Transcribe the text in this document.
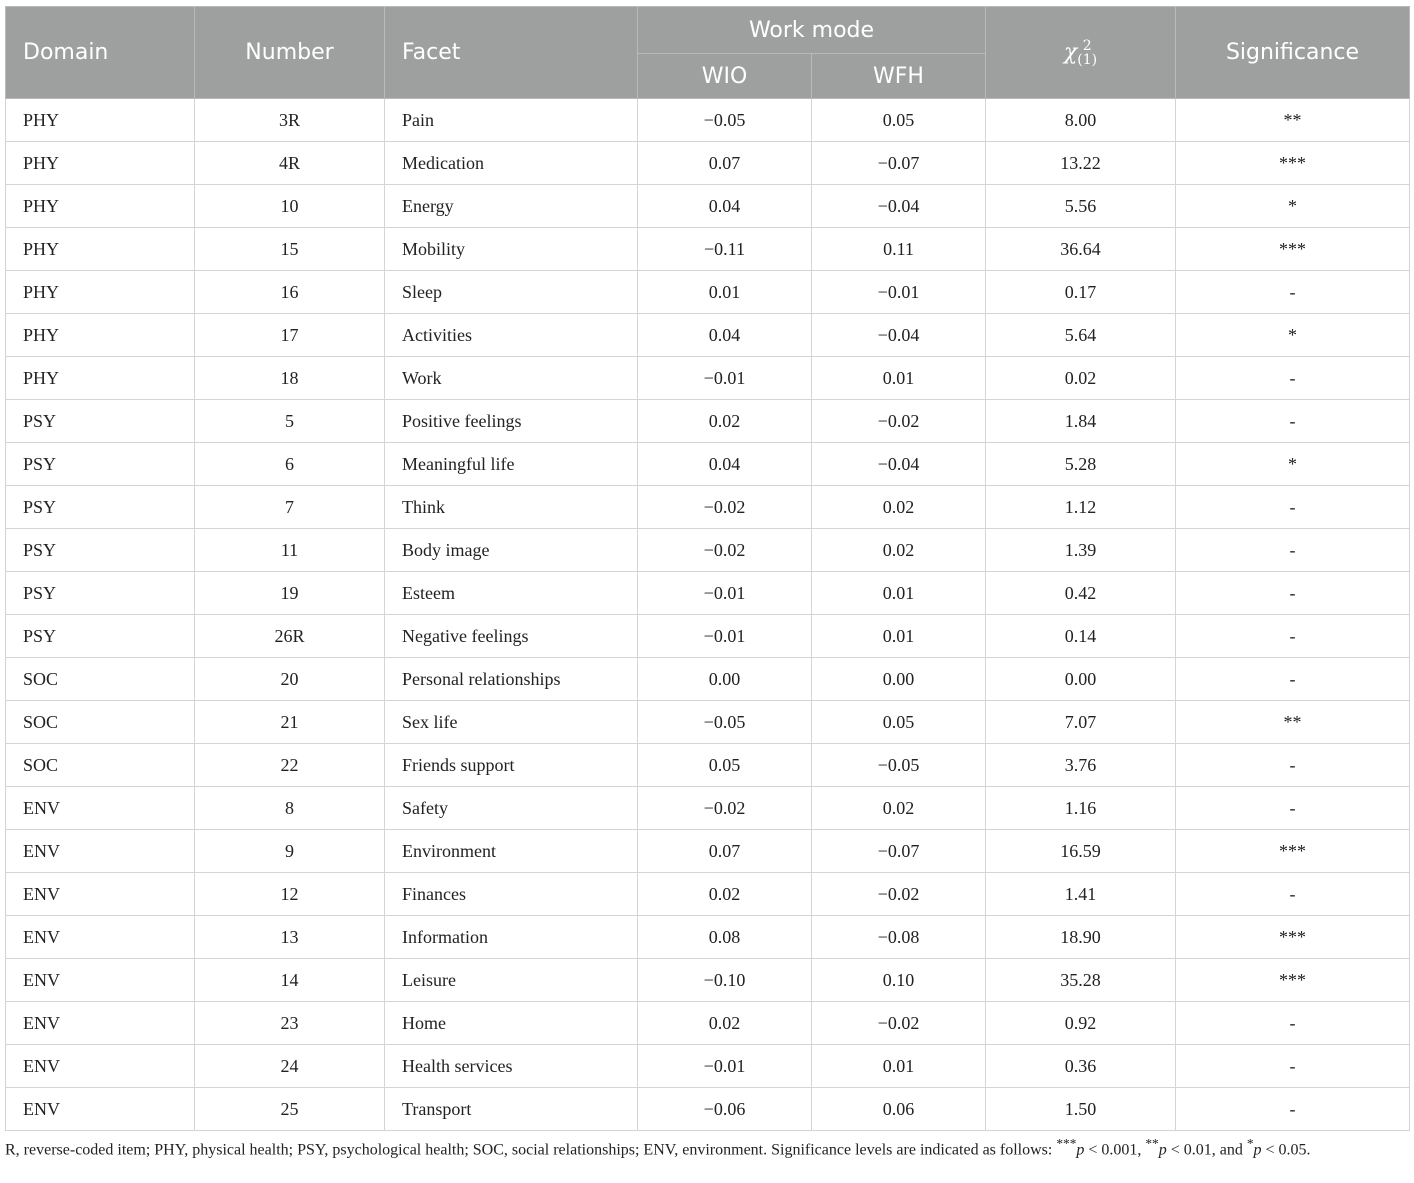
Domain	Number	Facet	Work mode		χ 2
(1)	Significance
			WIO	WFH		
PHY	3R	Pain	−0.05	0.05	8.00	**
PHY	4R	Medication	0.07	−0.07	13.22	***
PHY	10	Energy	0.04	−0.04	5.56	*
PHY	15	Mobility	−0.11	0.11	36.64	***
PHY	16	Sleep	0.01	−0.01	0.17	-
PHY	17	Activities	0.04	−0.04	5.64	*
PHY	18	Work	−0.01	0.01	0.02	-
PSY	5	Positive feelings	0.02	−0.02	1.84	-
PSY	6	Meaningful life	0.04	−0.04	5.28	*
PSY	7	Think	−0.02	0.02	1.12	-
PSY	11	Body image	−0.02	0.02	1.39	-
PSY	19	Esteem	−0.01	0.01	0.42	-
PSY	26R	Negative feelings	−0.01	0.01	0.14	-
SOC	20	Personal relationships	0.00	0.00	0.00	-
SOC	21	Sex life	−0.05	0.05	7.07	**
SOC	22	Friends support	0.05	−0.05	3.76	-
ENV	8	Safety	−0.02	0.02	1.16	-
ENV	9	Environment	0.07	−0.07	16.59	***
ENV	12	Finances	0.02	−0.02	1.41	-
ENV	13	Information	0.08	−0.08	18.90	***
ENV	14	Leisure	−0.10	0.10	35.28	***
ENV	23	Home	0.02	−0.02	0.92	-
ENV	24	Health services	−0.01	0.01	0.36	-
ENV	25	Transport	−0.06	0.06	1.50	-
R, reverse-coded item; PHY, physical health; PSY, psychological health; SOC, social relationships; ENV, environment. Significance levels are indicated as follows: ***p < 0.001, **p < 0.01, and *p < 0.05.
